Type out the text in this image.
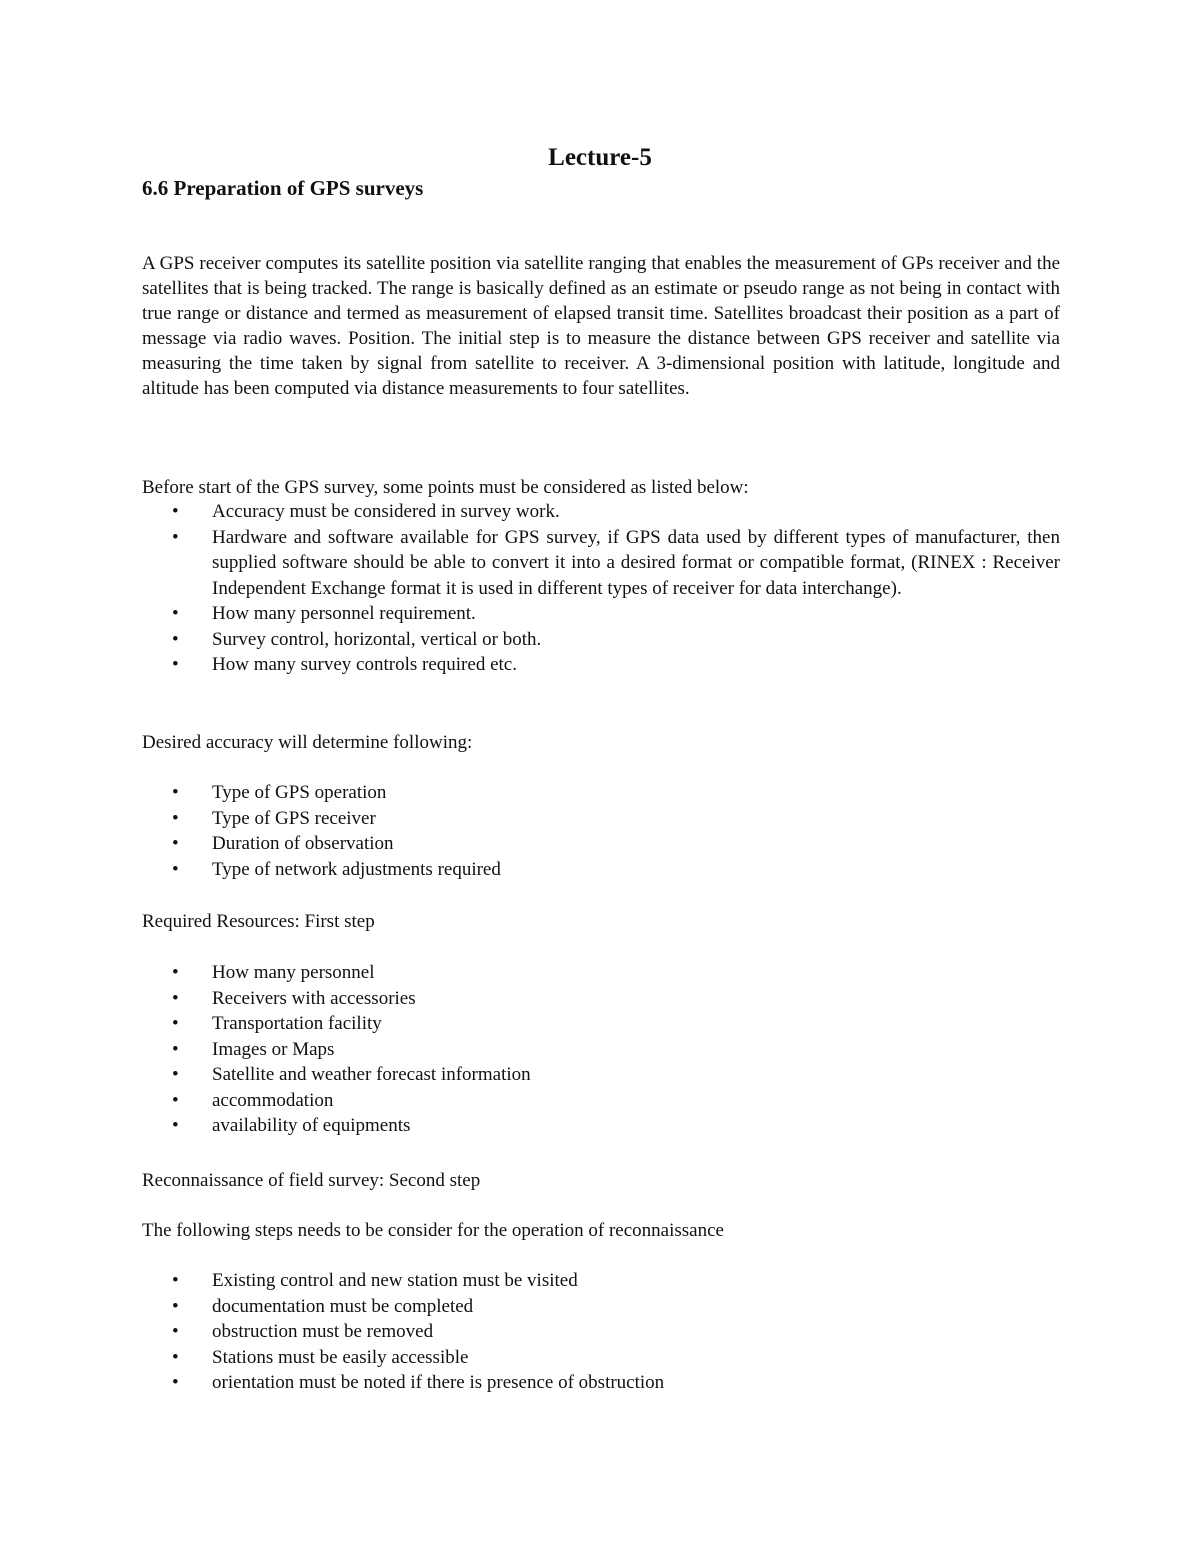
Lecture-5
6.6 Preparation of GPS surveys
A GPS receiver computes its satellite position via satellite ranging that enables the measurement of GPs receiver and the satellites that is being tracked. The range is basically defined as an estimate or pseudo range as not being in contact with true range or distance and termed as measurement of elapsed transit time. Satellites broadcast their position as a part of message via radio waves. Position. The initial step is to measure the distance between GPS receiver and satellite via measuring the time taken by signal from satellite to receiver. A 3-dimensional position with latitude, longitude and altitude has been computed via distance measurements to four satellites.
Before start of the GPS survey, some points must be considered as listed below:
• Accuracy must be considered in survey work.
• Hardware and software available for GPS survey, if GPS data used by different types of manufacturer, then supplied software should be able to convert it into a desired format or compatible format, (RINEX : Receiver Independent Exchange format it is used in different types of receiver for data interchange).
• How many personnel requirement.
• Survey control, horizontal, vertical or both.
• How many survey controls required etc.
Desired accuracy will determine following:
• Type of GPS operation
• Type of GPS receiver
• Duration of observation
• Type of network adjustments required
Required Resources: First step
• How many personnel
• Receivers with accessories
• Transportation facility
• Images or Maps
• Satellite and weather forecast information
• accommodation
• availability of equipments
Reconnaissance of field survey: Second step
The following steps needs to be consider for the operation of reconnaissance
• Existing control and new station must be visited
• documentation must be completed
• obstruction must be removed
• Stations must be easily accessible
• orientation must be noted if there is presence of obstruction
